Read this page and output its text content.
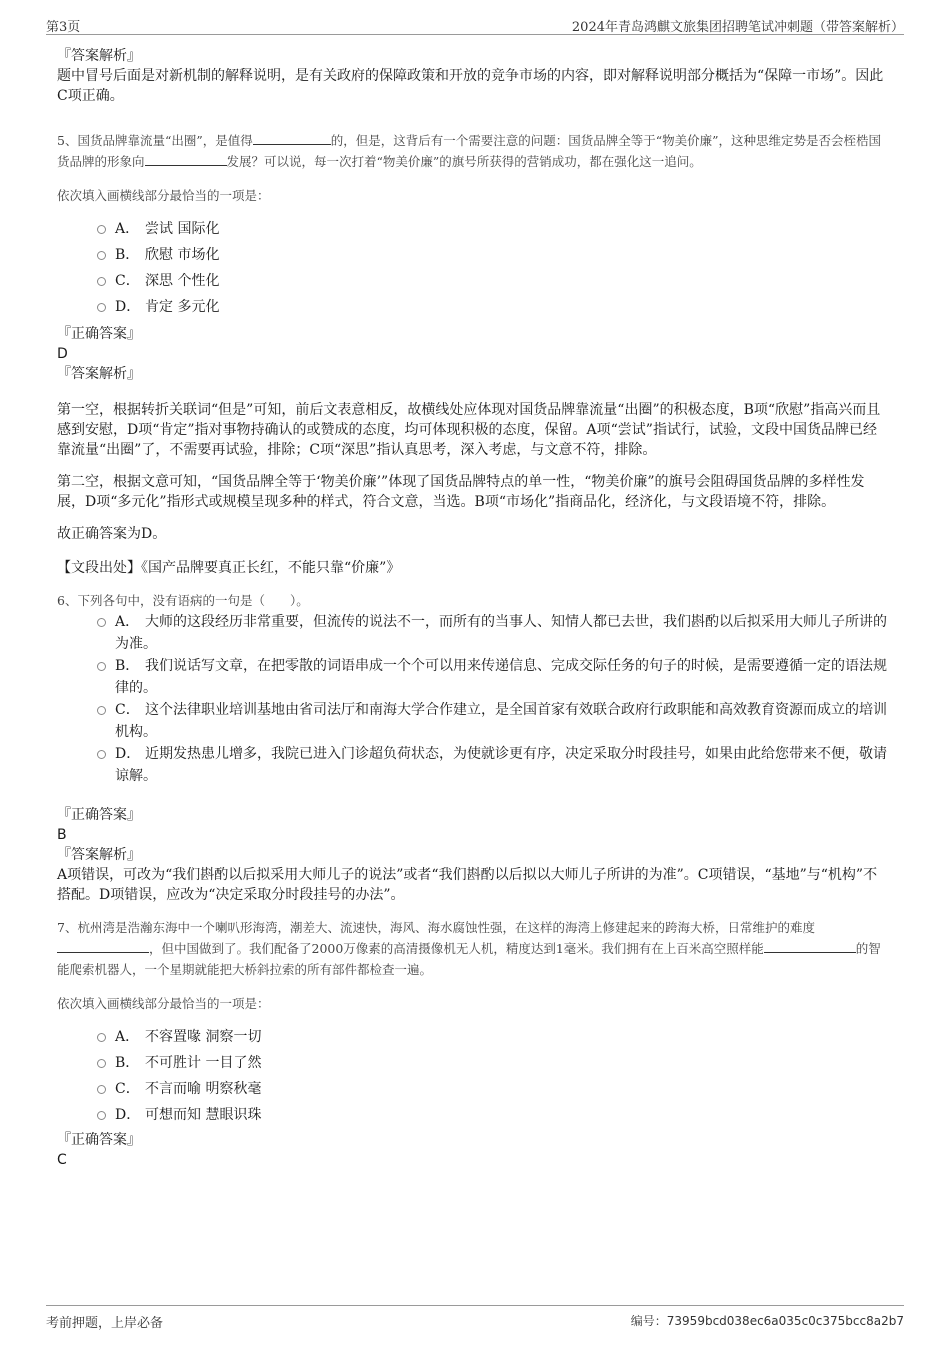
第3页	2024年青岛鸿麒文旅集团招聘笔试冲刺题（带答案解析）
『答案解析』

题中冒号后面是对新机制的解释说明，是有关政府的保障政策和开放的竞争市场的内容，即对解释说明部分概括为“保障一市场”。因此C项正确。

5、国货品牌靠流量“出圈”，是值得	的，但是，这背后有一个需要注意的问题：国货品牌全等于“物美价廉”，这种思维定势是否会桎梏国货品牌的形象向	发展？可以说，每一次打着“物美价廉”的旗号所获得的营销成功，都在强化这一追问。

依次填入画横线部分最恰当的一项是：
A． 尝试 国际化
B． 欣慰 市场化
C． 深思 个性化
D． 肯定 多元化
『正确答案』
D
『答案解析』

第一空，根据转折关联词“但是”可知，前后文表意相反，故横线处应体现对国货品牌靠流量“出圈”的积极态度，B项“欣慰”指高兴而且感到安慰，D项“肯定”指对事物持确认的或赞成的态度，均可体现积极的态度，保留。A项“尝试”指试行，试验，文段中国货品牌已经靠流量“出圈”了，不需要再试验，排除；C项“深思”指认真思考，深入考虑，与文意不符，排除。

第二空，根据文意可知，“国货品牌全等于‘物美价廉’”体现了国货品牌特点的单一性，“物美价廉”的旗号会阻碍国货品牌的多样性发展，D项“多元化”指形式或规模呈现多种的样式，符合文意，当选。B项“市场化”指商品化，经济化，与文段语境不符，排除。

故正确答案为D。

【文段出处】《国产品牌要真正长红，不能只靠“价廉”》

6、下列各句中，没有语病的一句是（　　）。
A． 大师的这段经历非常重要，但流传的说法不一，而所有的当事人、知情人都已去世，我们斟酌以后拟采用大师儿子所讲的为准。
B． 我们说话写文章，在把零散的词语串成一个个可以用来传递信息、完成交际任务的句子的时候，是需要遵循一定的语法规律的。
C． 这个法律职业培训基地由省司法厅和南海大学合作建立，是全国首家有效联合政府行政职能和高效教育资源而成立的培训机构。
D． 近期发热患儿增多，我院已进入门诊超负荷状态，为使就诊更有序，决定采取分时段挂号，如果由此给您带来不便，敬请谅解。
『正确答案』
B
『答案解析』

A项错误，可改为“我们斟酌以后拟采用大师儿子的说法”或者“我们斟酌以后拟以大师儿子所讲的为准”。C项错误，“基地”与“机构”不搭配。D项错误，应改为“决定采取分时段挂号的办法”。

7、杭州湾是浩瀚东海中一个喇叭形海湾，潮差大、流速快，海风、海水腐蚀性强，在这样的海湾上修建起来的跨海大桥，日常维护的难度，但中国做到了。我们配备了2000万像素的高清摄像机无人机，精度达到1毫米。我们拥有在上百米高空照样能	的智能爬索机器人，一个星期就能把大桥斜拉索的所有部件都检查一遍。

依次填入画横线部分最恰当的一项是：
A． 不容置喙 洞察一切
B． 不可胜计 一目了然
C． 不言而喻 明察秋毫
D． 可想而知 慧眼识珠
『正确答案』
C
考前押题，上岸必备	编号：73959bcd038ec6a035c0c375bcc8a2b7
